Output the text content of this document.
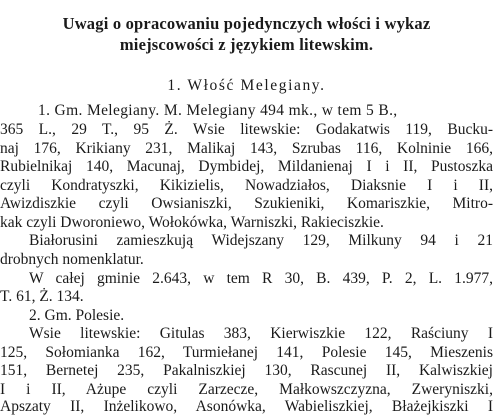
Uwagi o opracowaniu pojedynczych włości i wykaz
miejscowości z językiem litewskim.
1. Włość Melegiany.
1. Gm. Melegiany. M. Melegiany 494 mk., w tem 5 B.,
365 L., 29 T., 95 Ż. Wsie litewskie: Godakatwis 119, Bucku-
naj 176, Krikiany 231, Malikaj 143, Szrubas 116, Kolninie 166,
Rubielnikaj 140, Macunaj, Dymbidej, Mildanienaj I i II, Pustoszka
czyli Kondratyszki, Kikizielis, Nowadziałos, Diaksnie I i II,
Awizdiszkie czyli Owsianiszki, Szukieniki, Komariszkie, Mitro-
kak czyli Dworoniewo, Wołokówka, Warniszki, Rakieciszkie.
Białorusini zamieszkują Widejszany 129, Milkuny 94 i 21
drobnych nomenklatur.
W całej gminie 2.643, w tem R 30, B. 439, P. 2, L. 1.977,
T. 61, Ż. 134.
2. Gm. Polesie.
Wsie litewskie: Gitulas 383, Kierwiszkie 122, Raściuny I
125, Sołomianka 162, Turmiełanej 141, Polesie 145, Mieszenis
151, Bernetej 235, Pakalniszkiej 130, Rascunej II, Kalwiszkiej
I i II, Ażupe czyli Zarzecze, Małkowszczyzna, Zweryniszki,
Apszaty II, Inżelikowo, Asonówka, Wabieliszkiej, Błażejkiszki I
